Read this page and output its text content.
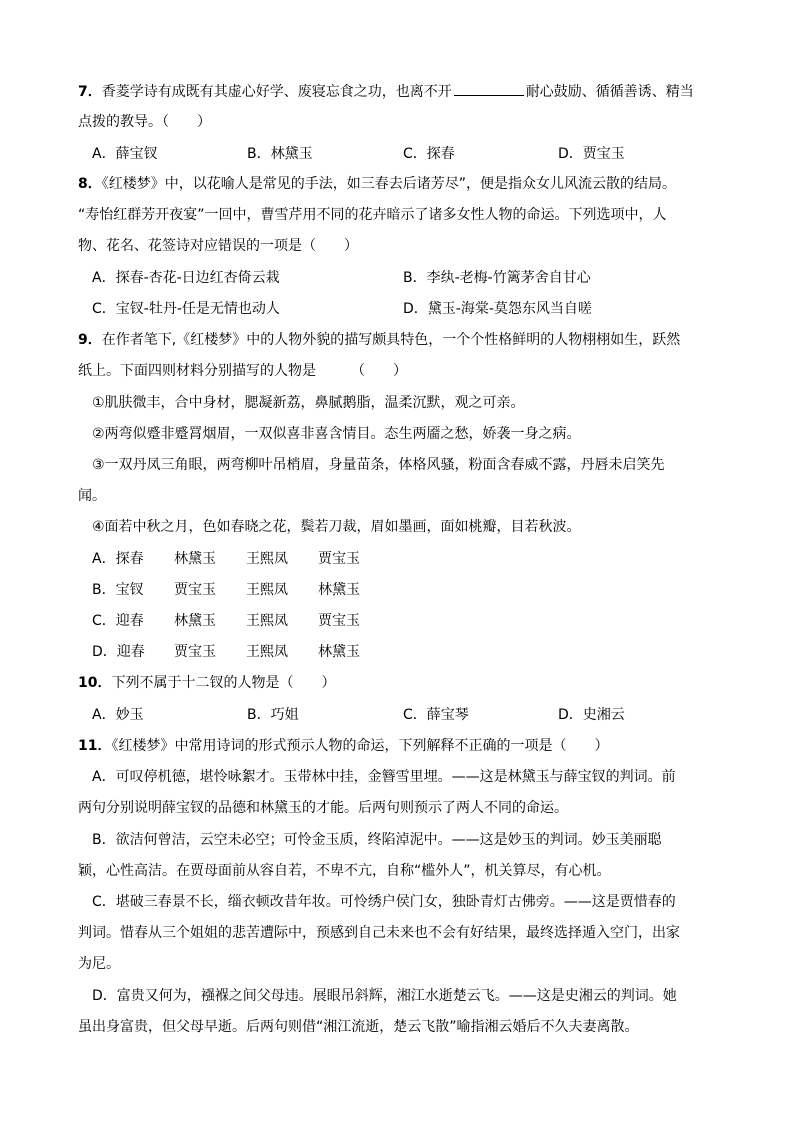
7．香菱学诗有成既有其虚心好学、废寝忘食之功，也离不开	耐心鼓励、循循善诱、精当
点拨的教导。（　　）
A．薛宝钗	B．林黛玉	C．探春	D．贾宝玉
8．《红楼梦》中，以花喻人是常见的手法，如三春去后诸芳尽”，便是指众女儿风流云散的结局。
“寿怡红群芳开夜宴”一回中，曹雪芹用不同的花卉暗示了诸多女性人物的命运。下列选项中，人
物、花名、花签诗对应错误的一项是（　　）
A．探春-杏花-日边红杏倚云栽	B．李纨-老梅-竹篱茅舍自甘心
C．宝钗-牡丹-任是无情也动人	D．黛玉-海棠-莫怨东风当自嗟
9．在作者笔下,《红楼梦》中的人物外貌的描写颇具特色，一个个性格鲜明的人物栩栩如生，跃然
纸上。下面四则材料分别描写的人物是　　　（　　）
①肌肤微丰，合中身材，腮凝新荔，鼻腻鹅脂，温柔沉默，观之可亲。
②两弯似蹙非蹙罥烟眉，一双似喜非喜含情目。态生两靥之愁，娇袭一身之病。
③一双丹凤三角眼，两弯柳叶吊梢眉，身量苗条，体格风骚，粉面含春威不露，丹唇未启笑先
闻。
④面若中秋之月，色如春晓之花，鬓若刀裁，眉如墨画，面如桃瓣，目若秋波。
A．探春 林黛玉 王熙凤 贾宝玉
B．宝钗 贾宝玉 王熙凤 林黛玉
C．迎春 林黛玉 王熙凤 贾宝玉
D．迎春 贾宝玉 王熙凤 林黛玉
10．下列不属于十二钗的人物是（　　）
A．妙玉	B．巧姐	C．薛宝琴	D．史湘云
11．《红楼梦》中常用诗词的形式预示人物的命运，下列解释不正确的一项是（　　）
A．可叹停机德，堪怜咏絮才。玉带林中挂，金簪雪里埋。——这是林黛玉与薛宝钗的判词。前
两句分别说明薛宝钗的品德和林黛玉的才能。后两句则预示了两人不同的命运。
B．欲洁何曾洁，云空未必空；可怜金玉质，终陷淖泥中。——这是妙玉的判词。妙玉美丽聪
颖，心性高洁。在贾母面前从容自若，不卑不亢，自称“槛外人”，机关算尽，有心机。
C．堪破三春景不长，缁衣顿改昔年妆。可怜绣户侯门女，独卧青灯古佛旁。——这是贾惜春的
判词。惜春从三个姐姐的悲苦遭际中，预感到自己未来也不会有好结果，最终选择遁入空门，出家
为尼。
D．富贵又何为，襁褓之间父母违。展眼吊斜辉，湘江水逝楚云飞。——这是史湘云的判词。她
虽出身富贵，但父母早逝。后两句则借“湘江流逝，楚云飞散”喻指湘云婚后不久夫妻离散。
